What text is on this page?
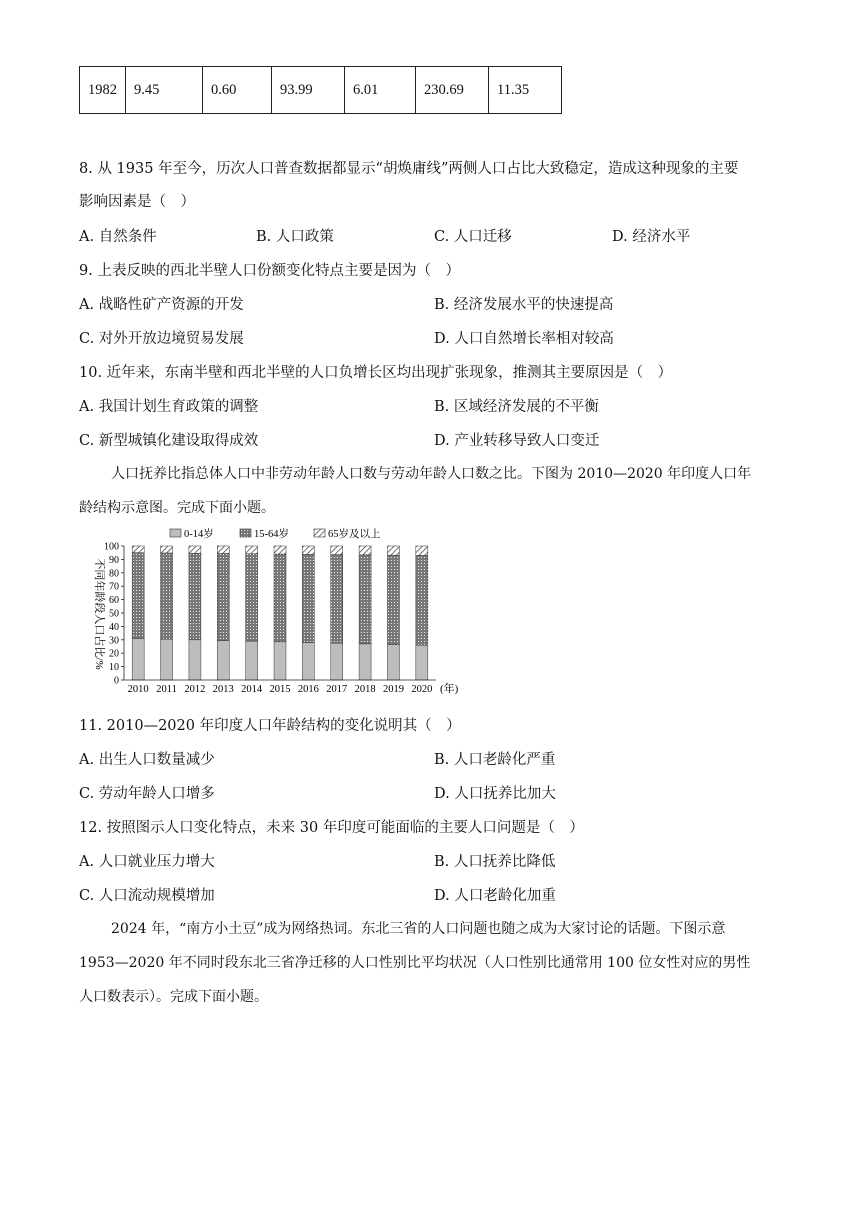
1982	9.45	0.60	93.99	6.01	230.69	11.35
8. 从 1935 年至今，历次人口普查数据都显示“胡焕庸线”两侧人口占比大致稳定，造成这种现象的主要
影响因素是（　）
A. 自然条件	B. 人口政策	C. 人口迁移	D. 经济水平
9. 上表反映的西北半壁人口份额变化特点主要是因为（　）
A. 战略性矿产资源的开发	B. 经济发展水平的快速提高
C. 对外开放边境贸易发展	D. 人口自然增长率相对较高
10. 近年来，东南半壁和西北半壁的人口负增长区均出现扩张现象，推测其主要原因是（　）
A. 我国计划生育政策的调整	B. 区域经济发展的不平衡
C. 新型城镇化建设取得成效	D. 产业转移导致人口变迁
人口抚养比指总体人口中非劳动年龄人口数与劳动年龄人口数之比。下图为 2010—2020 年印度人口年
龄结构示意图。完成下面小题。
0-14岁	15-64岁	65岁及以上
不同年龄段人口占比/%
0
10
20
30
40
50
60
70
80
90
100
2010 2011 2012 2013 2014 2015 2016 2017 2018 2019 2020 (年)
11. 2010—2020 年印度人口年龄结构的变化说明其（　）
A. 出生人口数量减少	B. 人口老龄化严重
C. 劳动年龄人口增多	D. 人口抚养比加大
12. 按照图示人口变化特点，未来 30 年印度可能面临的主要人口问题是（　）
A. 人口就业压力增大	B. 人口抚养比降低
C. 人口流动规模增加	D. 人口老龄化加重
2024 年，“南方小土豆”成为网络热词。东北三省的人口问题也随之成为大家讨论的话题。下图示意
1953—2020 年不同时段东北三省净迁移的人口性别比平均状况（人口性别比通常用 100 位女性对应的男性
人口数表示）。完成下面小题。
